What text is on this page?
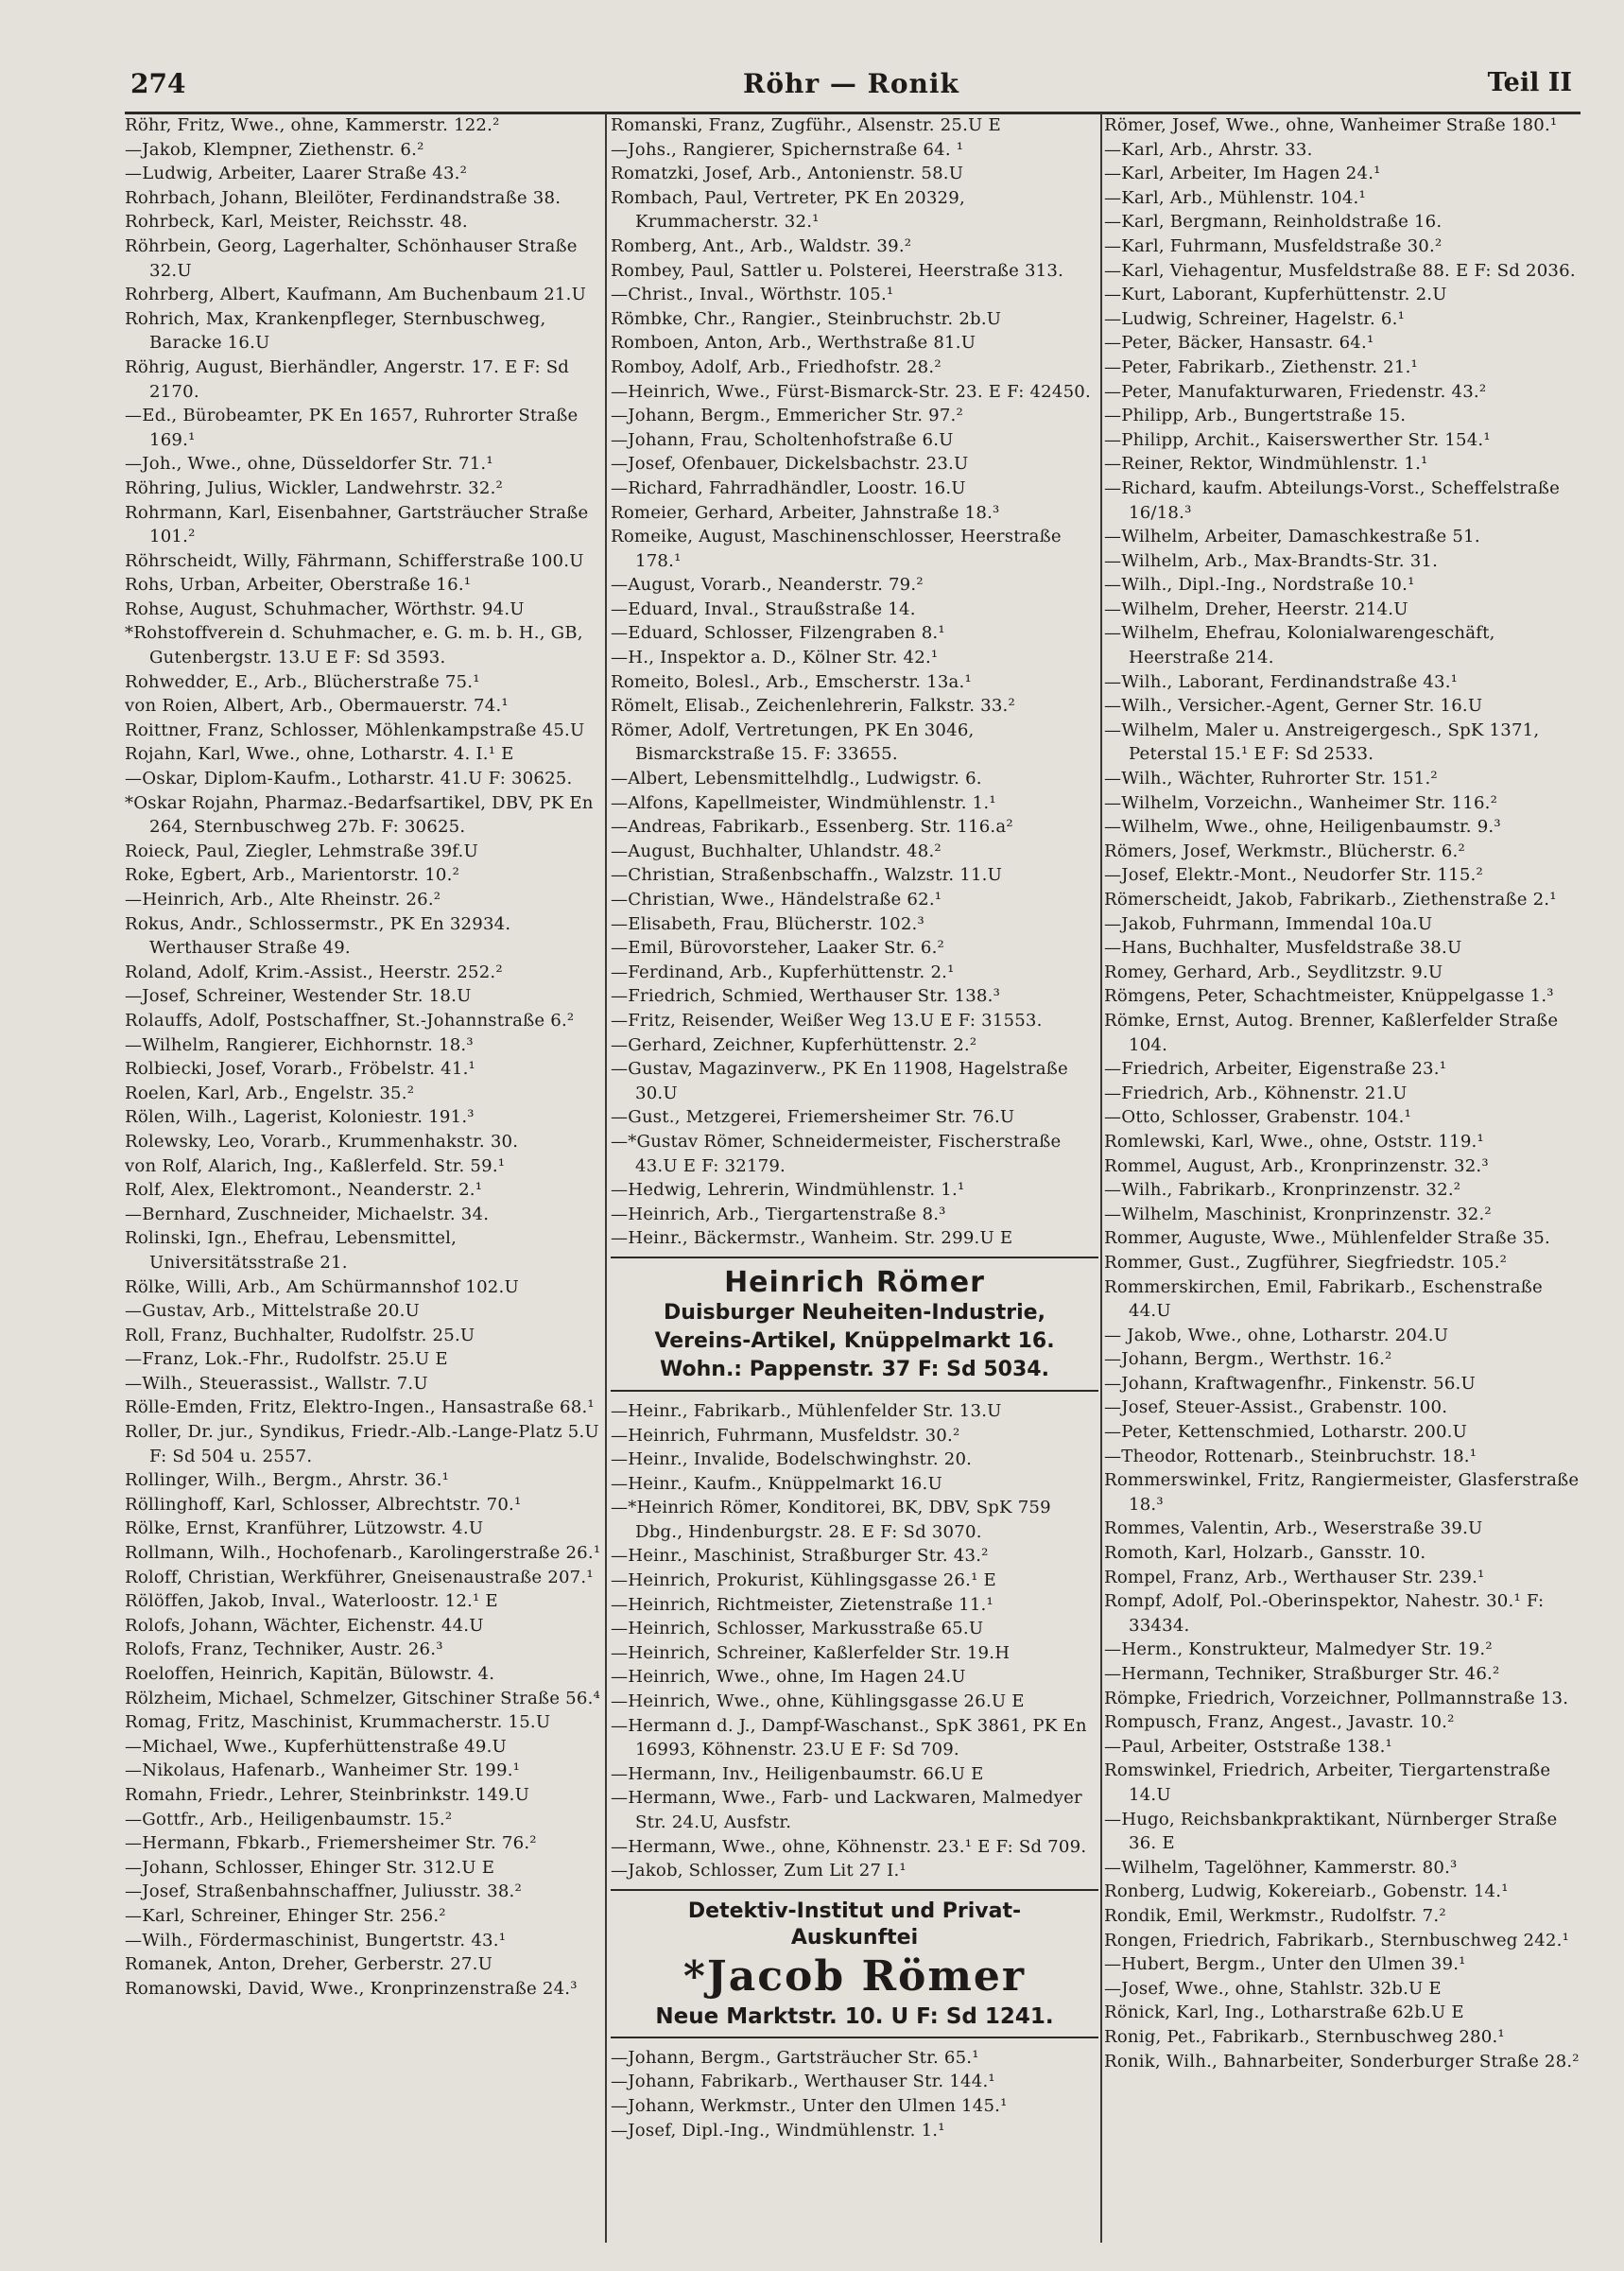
274	Röhr — Ronik	Teil II
Röhr, Fritz, Wwe., ohne, Kammerstr. 122.²
—Jakob, Klempner, Ziethenstr. 6.²
—Ludwig, Arbeiter, Laarer Straße 43.²
Rohrbach, Johann, Bleilöter, Ferdinandstraße 38.
Rohrbeck, Karl, Meister, Reichsstr. 48.
Röhrbein, Georg, Lagerhalter, Schönhauser Straße 32.U
Rohrberg, Albert, Kaufmann, Am Buchenbaum 21.U
Rohrich, Max, Krankenpfleger, Sternbuschweg, Baracke 16.U
Röhrig, August, Bierhändler, Angerstr. 17. E F: Sd 2170.
—Ed., Bürobeamter, PK En 1657, Ruhrorter Straße 169.¹
—Joh., Wwe., ohne, Düsseldorfer Str. 71.¹
Röhring, Julius, Wickler, Landwehrstr. 32.²
Rohrmann, Karl, Eisenbahner, Gartsträucher Straße 101.²
Röhrscheidt, Willy, Fährmann, Schifferstraße 100.U
Rohs, Urban, Arbeiter, Oberstraße 16.¹
Rohse, August, Schuhmacher, Wörthstr. 94.U
*Rohstoffverein d. Schuhmacher, e. G. m. b. H., GB, Gutenbergstr. 13.U E F: Sd 3593.
Rohwedder, E., Arb., Blücherstraße 75.¹
von Roien, Albert, Arb., Obermauerstr. 74.¹
Roittner, Franz, Schlosser, Möhlenkampstraße 45.U
Rojahn, Karl, Wwe., ohne, Lotharstr. 4. I.¹ E
—Oskar, Diplom-Kaufm., Lotharstr. 41.U F: 30625.
*Oskar Rojahn, Pharmaz.-Bedarfsartikel, DBV, PK En 264, Sternbuschweg 27b. F: 30625.
Roieck, Paul, Ziegler, Lehmstraße 39f.U
Roke, Egbert, Arb., Marientorstr. 10.²
—Heinrich, Arb., Alte Rheinstr. 26.²
Rokus, Andr., Schlossermstr., PK En 32934. Werthauser Straße 49.
Roland, Adolf, Krim.-Assist., Heerstr. 252.²
—Josef, Schreiner, Westender Str. 18.U
Rolauffs, Adolf, Postschaffner, St.-Johannstraße 6.²
—Wilhelm, Rangierer, Eichhornstr. 18.³
Rolbiecki, Josef, Vorarb., Fröbelstr. 41.¹
Roelen, Karl, Arb., Engelstr. 35.²
Rölen, Wilh., Lagerist, Koloniestr. 191.³
Rolewsky, Leo, Vorarb., Krummenhakstr. 30.
von Rolf, Alarich, Ing., Kaßlerfeld. Str. 59.¹
Rolf, Alex, Elektromont., Neanderstr. 2.¹
—Bernhard, Zuschneider, Michaelstr. 34.
Rolinski, Ign., Ehefrau, Lebensmittel, Universitätsstraße 21.
Rölke, Willi, Arb., Am Schürmannshof 102.U
—Gustav, Arb., Mittelstraße 20.U
Roll, Franz, Buchhalter, Rudolfstr. 25.U
—Franz, Lok.-Fhr., Rudolfstr. 25.U E
—Wilh., Steuerassist., Wallstr. 7.U
Rölle-Emden, Fritz, Elektro-Ingen., Hansastraße 68.¹
Roller, Dr. jur., Syndikus, Friedr.-Alb.-Lange-Platz 5.U F: Sd 504 u. 2557.
Rollinger, Wilh., Bergm., Ahrstr. 36.¹
Röllinghoff, Karl, Schlosser, Albrechtstr. 70.¹
Rölke, Ernst, Kranführer, Lützowstr. 4.U
Rollmann, Wilh., Hochofenarb., Karolingerstraße 26.¹
Roloff, Christian, Werkführer, Gneisenaustraße 207.¹
Rölöffen, Jakob, Inval., Waterloostr. 12.¹ E
Rolofs, Johann, Wächter, Eichenstr. 44.U
Rolofs, Franz, Techniker, Austr. 26.³
Roeloffen, Heinrich, Kapitän, Bülowstr. 4.
Rölzheim, Michael, Schmelzer, Gitschiner Straße 56.⁴
Romag, Fritz, Maschinist, Krummacherstr. 15.U
—Michael, Wwe., Kupferhüttenstraße 49.U
—Nikolaus, Hafenarb., Wanheimer Str. 199.¹
Romahn, Friedr., Lehrer, Steinbrinkstr. 149.U
—Gottfr., Arb., Heiligenbaumstr. 15.²
—Hermann, Fbkarb., Friemersheimer Str. 76.²
—Johann, Schlosser, Ehinger Str. 312.U E
—Josef, Straßenbahnschaffner, Juliusstr. 38.²
—Karl, Schreiner, Ehinger Str. 256.²
—Wilh., Fördermaschinist, Bungertstr. 43.¹
Romanek, Anton, Dreher, Gerberstr. 27.U
Romanowski, David, Wwe., Kronprinzenstraße 24.³
Romanski, Franz, Zugführ., Alsenstr. 25.U E
—Johs., Rangierer, Spichernstraße 64. ¹
Romatzki, Josef, Arb., Antonienstr. 58.U
Rombach, Paul, Vertreter, PK En 20329, Krummacherstr. 32.¹
Romberg, Ant., Arb., Waldstr. 39.²
Rombey, Paul, Sattler u. Polsterei, Heerstraße 313.
—Christ., Inval., Wörthstr. 105.¹
Römbke, Chr., Rangier., Steinbruchstr. 2b.U
Romboen, Anton, Arb., Werthstraße 81.U
Romboy, Adolf, Arb., Friedhofstr. 28.²
—Heinrich, Wwe., Fürst-Bismarck-Str. 23. E F: 42450.
—Johann, Bergm., Emmericher Str. 97.²
—Johann, Frau, Scholtenhofstraße 6.U
—Josef, Ofenbauer, Dickelsbachstr. 23.U
—Richard, Fahrradhändler, Loostr. 16.U
Romeier, Gerhard, Arbeiter, Jahnstraße 18.³
Romeike, August, Maschinenschlosser, Heerstraße 178.¹
—August, Vorarb., Neanderstr. 79.²
—Eduard, Inval., Straußstraße 14.
—Eduard, Schlosser, Filzengraben 8.¹
—H., Inspektor a. D., Kölner Str. 42.¹
Romeito, Bolesl., Arb., Emscherstr. 13a.¹
Römelt, Elisab., Zeichenlehrerin, Falkstr. 33.²
Römer, Adolf, Vertretungen, PK En 3046, Bismarckstraße 15. F: 33655.
—Albert, Lebensmittelhdlg., Ludwigstr. 6.
—Alfons, Kapellmeister, Windmühlenstr. 1.¹
—Andreas, Fabrikarb., Essenberg. Str. 116.a²
—August, Buchhalter, Uhlandstr. 48.²
—Christian, Straßenbschaffn., Walzstr. 11.U
—Christian, Wwe., Händelstraße 62.¹
—Elisabeth, Frau, Blücherstr. 102.³
—Emil, Bürovorsteher, Laaker Str. 6.²
—Ferdinand, Arb., Kupferhüttenstr. 2.¹
—Friedrich, Schmied, Werthauser Str. 138.³
—Fritz, Reisender, Weißer Weg 13.U E F: 31553.
—Gerhard, Zeichner, Kupferhüttenstr. 2.²
—Gustav, Magazinverw., PK En 11908, Hagelstraße 30.U
—Gust., Metzgerei, Friemersheimer Str. 76.U
—*Gustav Römer, Schneidermeister, Fischerstraße 43.U E F: 32179.
—Hedwig, Lehrerin, Windmühlenstr. 1.¹
—Heinrich, Arb., Tiergartenstraße 8.³
—Heinr., Bäckermstr., Wanheim. Str. 299.U E
Heinrich Römer
Duisburger Neuheiten-Industrie,
Vereins-Artikel, Knüppelmarkt 16.
Wohn.: Pappenstr. 37 F: Sd 5034.
—Heinr., Fabrikarb., Mühlenfelder Str. 13.U
—Heinrich, Fuhrmann, Musfeldstr. 30.²
—Heinr., Invalide, Bodelschwinghstr. 20.
—Heinr., Kaufm., Knüppelmarkt 16.U
—*Heinrich Römer, Konditorei, BK, DBV, SpK 759 Dbg., Hindenburgstr. 28. E F: Sd 3070.
—Heinr., Maschinist, Straßburger Str. 43.²
—Heinrich, Prokurist, Kühlingsgasse 26.¹ E
—Heinrich, Richtmeister, Zietenstraße 11.¹
—Heinrich, Schlosser, Markusstraße 65.U
—Heinrich, Schreiner, Kaßlerfelder Str. 19.H
—Heinrich, Wwe., ohne, Im Hagen 24.U
—Heinrich, Wwe., ohne, Kühlingsgasse 26.U E
—Hermann d. J., Dampf-Waschanst., SpK 3861, PK En 16993, Köhnenstr. 23.U E F: Sd 709.
—Hermann, Inv., Heiligenbaumstr. 66.U E
—Hermann, Wwe., Farb- und Lackwaren, Malmedyer Str. 24.U, Ausfstr.
—Hermann, Wwe., ohne, Köhnenstr. 23.¹ E F: Sd 709.
—Jakob, Schlosser, Zum Lit 27 I.¹
Detektiv-Institut und Privat-
Auskunftei
*Jacob Römer
Neue Marktstr. 10. U F: Sd 1241.
—Johann, Bergm., Gartsträucher Str. 65.¹
—Johann, Fabrikarb., Werthauser Str. 144.¹
—Johann, Werkmstr., Unter den Ulmen 145.¹
—Josef, Dipl.-Ing., Windmühlenstr. 1.¹
Römer, Josef, Wwe., ohne, Wanheimer Straße 180.¹
—Karl, Arb., Ahrstr. 33.
—Karl, Arbeiter, Im Hagen 24.¹
—Karl, Arb., Mühlenstr. 104.¹
—Karl, Bergmann, Reinholdstraße 16.
—Karl, Fuhrmann, Musfeldstraße 30.²
—Karl, Viehagentur, Musfeldstraße 88. E F: Sd 2036.
—Kurt, Laborant, Kupferhüttenstr. 2.U
—Ludwig, Schreiner, Hagelstr. 6.¹
—Peter, Bäcker, Hansastr. 64.¹
—Peter, Fabrikarb., Ziethenstr. 21.¹
—Peter, Manufakturwaren, Friedenstr. 43.²
—Philipp, Arb., Bungertstraße 15.
—Philipp, Archit., Kaiserswerther Str. 154.¹
—Reiner, Rektor, Windmühlenstr. 1.¹
—Richard, kaufm. Abteilungs-Vorst., Scheffelstraße 16/18.³
—Wilhelm, Arbeiter, Damaschkestraße 51.
—Wilhelm, Arb., Max-Brandts-Str. 31.
—Wilh., Dipl.-Ing., Nordstraße 10.¹
—Wilhelm, Dreher, Heerstr. 214.U
—Wilhelm, Ehefrau, Kolonialwarengeschäft, Heerstraße 214.
—Wilh., Laborant, Ferdinandstraße 43.¹
—Wilh., Versicher.-Agent, Gerner Str. 16.U
—Wilhelm, Maler u. Anstreigergesch., SpK 1371, Peterstal 15.¹ E F: Sd 2533.
—Wilh., Wächter, Ruhrorter Str. 151.²
—Wilhelm, Vorzeichn., Wanheimer Str. 116.²
—Wilhelm, Wwe., ohne, Heiligenbaumstr. 9.³
Römers, Josef, Werkmstr., Blücherstr. 6.²
—Josef, Elektr.-Mont., Neudorfer Str. 115.²
Römerscheidt, Jakob, Fabrikarb., Ziethenstraße 2.¹
—Jakob, Fuhrmann, Immendal 10a.U
—Hans, Buchhalter, Musfeldstraße 38.U
Romey, Gerhard, Arb., Seydlitzstr. 9.U
Römgens, Peter, Schachtmeister, Knüppelgasse 1.³
Römke, Ernst, Autog. Brenner, Kaßlerfelder Straße 104.
—Friedrich, Arbeiter, Eigenstraße 23.¹
—Friedrich, Arb., Köhnenstr. 21.U
—Otto, Schlosser, Grabenstr. 104.¹
Romlewski, Karl, Wwe., ohne, Oststr. 119.¹
Rommel, August, Arb., Kronprinzenstr. 32.³
—Wilh., Fabrikarb., Kronprinzenstr. 32.²
—Wilhelm, Maschinist, Kronprinzenstr. 32.²
Rommer, Auguste, Wwe., Mühlenfelder Straße 35.
Rommer, Gust., Zugführer, Siegfriedstr. 105.²
Rommerskirchen, Emil, Fabrikarb., Eschenstraße 44.U
— Jakob, Wwe., ohne, Lotharstr. 204.U
—Johann, Bergm., Werthstr. 16.²
—Johann, Kraftwagenfhr., Finkenstr. 56.U
—Josef, Steuer-Assist., Grabenstr. 100.
—Peter, Kettenschmied, Lotharstr. 200.U
—Theodor, Rottenarb., Steinbruchstr. 18.¹
Rommerswinkel, Fritz, Rangiermeister, Glasferstraße 18.³
Rommes, Valentin, Arb., Weserstraße 39.U
Romoth, Karl, Holzarb., Gansstr. 10.
Rompel, Franz, Arb., Werthauser Str. 239.¹
Rompf, Adolf, Pol.-Oberinspektor, Nahestr. 30.¹ F: 33434.
—Herm., Konstrukteur, Malmedyer Str. 19.²
—Hermann, Techniker, Straßburger Str. 46.²
Römpke, Friedrich, Vorzeichner, Pollmannstraße 13.
Rompusch, Franz, Angest., Javastr. 10.²
—Paul, Arbeiter, Oststraße 138.¹
Romswinkel, Friedrich, Arbeiter, Tiergartenstraße 14.U
—Hugo, Reichsbankpraktikant, Nürnberger Straße 36. E
—Wilhelm, Tagelöhner, Kammerstr. 80.³
Ronberg, Ludwig, Kokereiarb., Gobenstr. 14.¹
Rondik, Emil, Werkmstr., Rudolfstr. 7.²
Rongen, Friedrich, Fabrikarb., Sternbuschweg 242.¹
—Hubert, Bergm., Unter den Ulmen 39.¹
—Josef, Wwe., ohne, Stahlstr. 32b.U E
Rönick, Karl, Ing., Lotharstraße 62b.U E
Ronig, Pet., Fabrikarb., Sternbuschweg 280.¹
Ronik, Wilh., Bahnarbeiter, Sonderburger Straße 28.²
